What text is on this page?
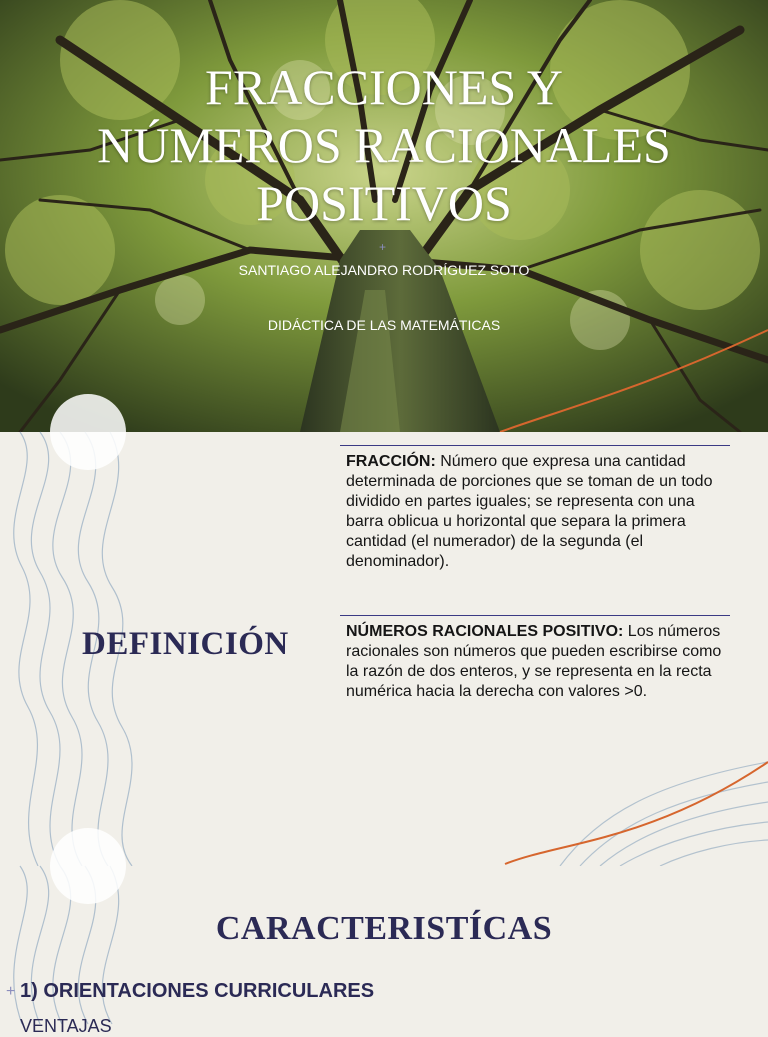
FRACCIONES Y
NÚMEROS RACIONALES
POSITIVOS
+
SANTIAGO ALEJANDRO RODRÍGUEZ SOTO
DIDÁCTICA DE LAS MATEMÁTICAS
DEFINICIÓN
FRACCIÓN: Número que expresa una cantidad determinada de porciones que se toman de un todo dividido en partes iguales; se representa con una barra oblicua u horizontal que separa la primera cantidad (el numerador) de la segunda (el denominador).
NÚMEROS RACIONALES POSITIVO: Los números racionales son números que pueden escribirse como la razón de dos enteros, y se representa en la recta numérica hacia la derecha con valores >0.
CARACTERISTÍCAS
+ 1) ORIENTACIONES CURRICULARES
VENTAJAS
